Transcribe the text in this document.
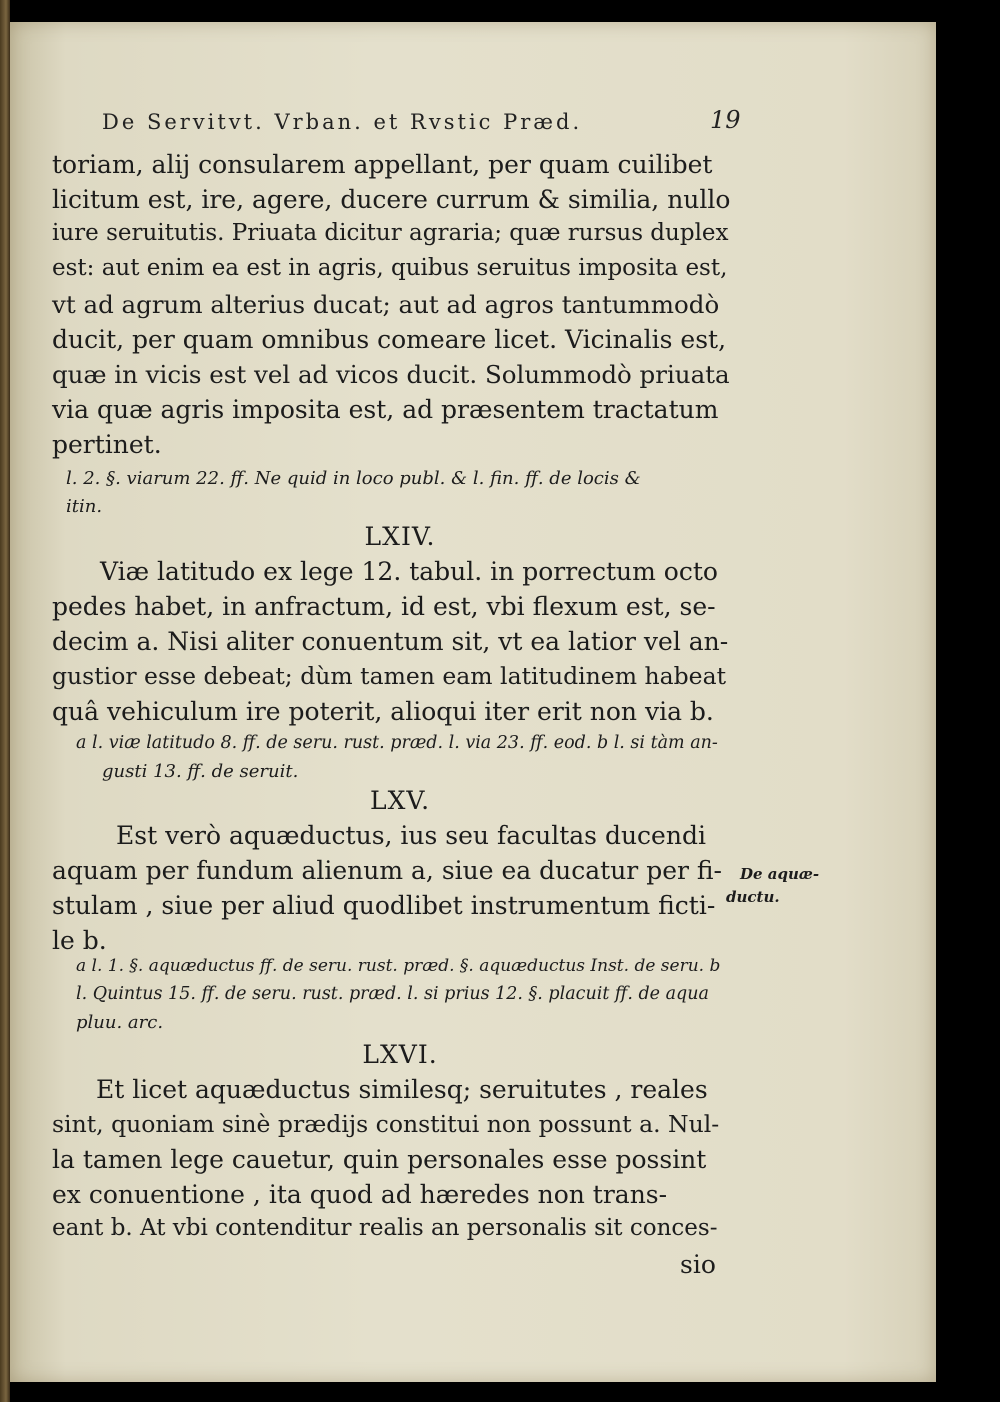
De Servitvt. Vrban. et Rvstic Præd.	19
toriam, alij consularem appellant, per quam cuilibet
licitum est, ire, agere, ducere currum & similia, nullo
iure seruitutis. Priuata dicitur agraria; quæ rursus duplex
est: aut enim ea est in agris, quibus seruitus imposita est,
vt ad agrum alterius ducat; aut ad agros tantummodò
ducit, per quam omnibus comeare licet. Vicinalis est,
quæ in vicis est vel ad vicos ducit. Solummodò priuata
via quæ agris imposita est, ad præsentem tractatum
pertinet.
l. 2. §. viarum 22. ff. Ne quid in loco publ. & l. fin. ff. de locis &
itin.
LXIV.
Viæ latitudo ex lege 12. tabul. in porrectum octo
pedes habet, in anfractum, id est, vbi flexum est, se-
decim a. Nisi aliter conuentum sit, vt ea latior vel an-
gustior esse debeat; dùm tamen eam latitudinem habeat
quâ vehiculum ire poterit, alioqui iter erit non via b.
a l. viæ latitudo 8. ff. de seru. rust. præd. l. via 23. ff. eod. b l. si tàm an-
gusti 13. ff. de seruit.
LXV.
Est verò aquæductus, ius seu facultas ducendi
aquam per fundum alienum a, siue ea ducatur per fi-
stulam , siue per aliud quodlibet instrumentum ficti-
le b.
De aquæ-
ductu.
a l. 1. §. aquæductus ff. de seru. rust. præd. §. aquæductus Inst. de seru. b
l. Quintus 15. ff. de seru. rust. præd. l. si prius 12. §. placuit ff. de aqua
pluu. arc.
LXVI.
Et licet aquæductus similesq; seruitutes , reales
sint, quoniam sinè prædijs constitui non possunt a. Nul-
la tamen lege cauetur, quin personales esse possint
ex conuentione , ita quod ad hæredes non trans-
eant b. At vbi contenditur realis an personalis sit conces-
sio
